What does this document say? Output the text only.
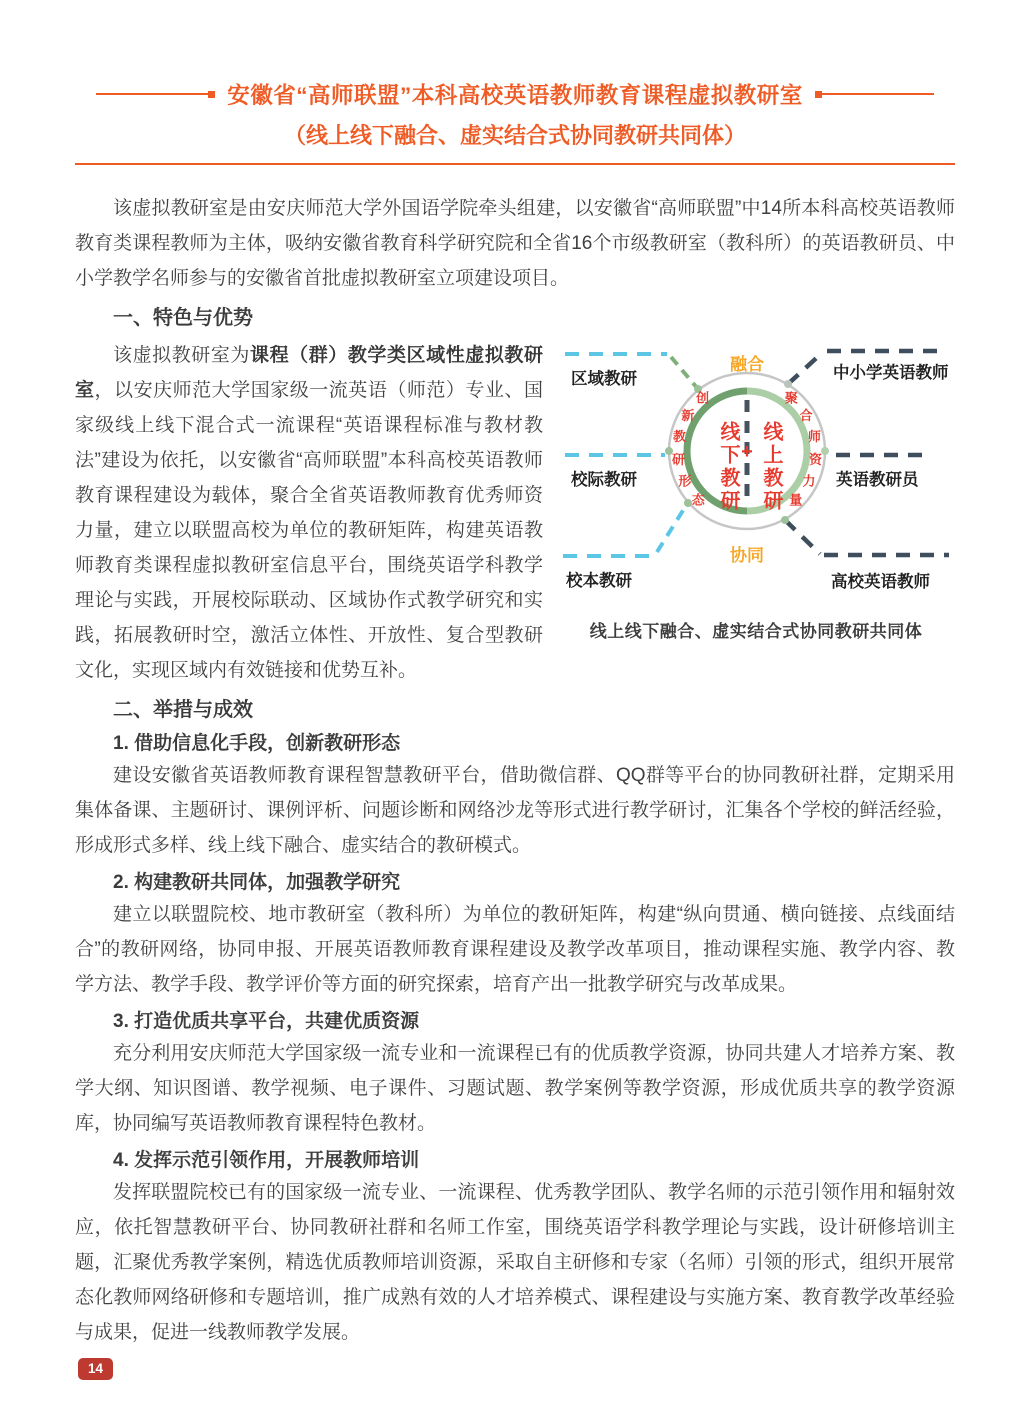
安徽省“高师联盟”本科高校英语教师教育课程虚拟教研室
（线上线下融合、虚实结合式协同教研共同体）

该虚拟教研室是由安庆师范大学外国语学院牵头组建，以安徽省“高师联盟”中14所本科高校英语教师教育类课程教师为主体，吸纳安徽省教育科学研究院和全省16个市级教研室（教科所）的英语教研员、中小学教学名师参与的安徽省首批虚拟教研室立项建设项目。

一、特色与优势

该虚拟教研室为课程（群）教学类区域性虚拟教研室，以安庆师范大学国家级一流英语（师范）专业、国家级线上线下混合式一流课程“英语课程标准与教材教法”建设为依托，以安徽省“高师联盟”本科高校英语教师教育课程建设为载体，聚合全省英语教师教育优秀师资力量，建立以联盟高校为单位的教研矩阵，构建英语教师教育类课程虚拟教研室信息平台，围绕英语学科教学理论与实践，开展校际联动、区域协作式教学研究和实践，拓展教研时空，激活立体性、开放性、复合型教研文化，实现区域内有效链接和优势互补。

+
创
新
教
研
形
态
聚
合
师
资
力
量
融合
协同
线下教研 线上教研
区域教研
校际教研
校本教研
中小学英语教师
英语教研员
高校英语教师
线上线下融合、虚实结合式协同教研共同体
二、举措与成效
1. 借助信息化手段，创新教研形态

建设安徽省英语教师教育课程智慧教研平台，借助微信群、QQ群等平台的协同教研社群，定期采用集体备课、主题研讨、课例评析、问题诊断和网络沙龙等形式进行教学研讨，汇集各个学校的鲜活经验，形成形式多样、线上线下融合、虚实结合的教研模式。

2. 构建教研共同体，加强教学研究

建立以联盟院校、地市教研室（教科所）为单位的教研矩阵，构建“纵向贯通、横向链接、点线面结合”的教研网络，协同申报、开展英语教师教育课程建设及教学改革项目，推动课程实施、教学内容、教学方法、教学手段、教学评价等方面的研究探索，培育产出一批教学研究与改革成果。

3. 打造优质共享平台，共建优质资源

充分利用安庆师范大学国家级一流专业和一流课程已有的优质教学资源，协同共建人才培养方案、教学大纲、知识图谱、教学视频、电子课件、习题试题、教学案例等教学资源，形成优质共享的教学资源库，协同编写英语教师教育课程特色教材。

4. 发挥示范引领作用，开展教师培训

发挥联盟院校已有的国家级一流专业、一流课程、优秀教学团队、教学名师的示范引领作用和辐射效应，依托智慧教研平台、协同教研社群和名师工作室，围绕英语学科教学理论与实践，设计研修培训主题，汇聚优秀教学案例，精选优质教师培训资源，采取自主研修和专家（名师）引领的形式，组织开展常态化教师网络研修和专题培训，推广成熟有效的人才培养模式、课程建设与实施方案、教育教学改革经验与成果，促进一线教师教学发展。

14
